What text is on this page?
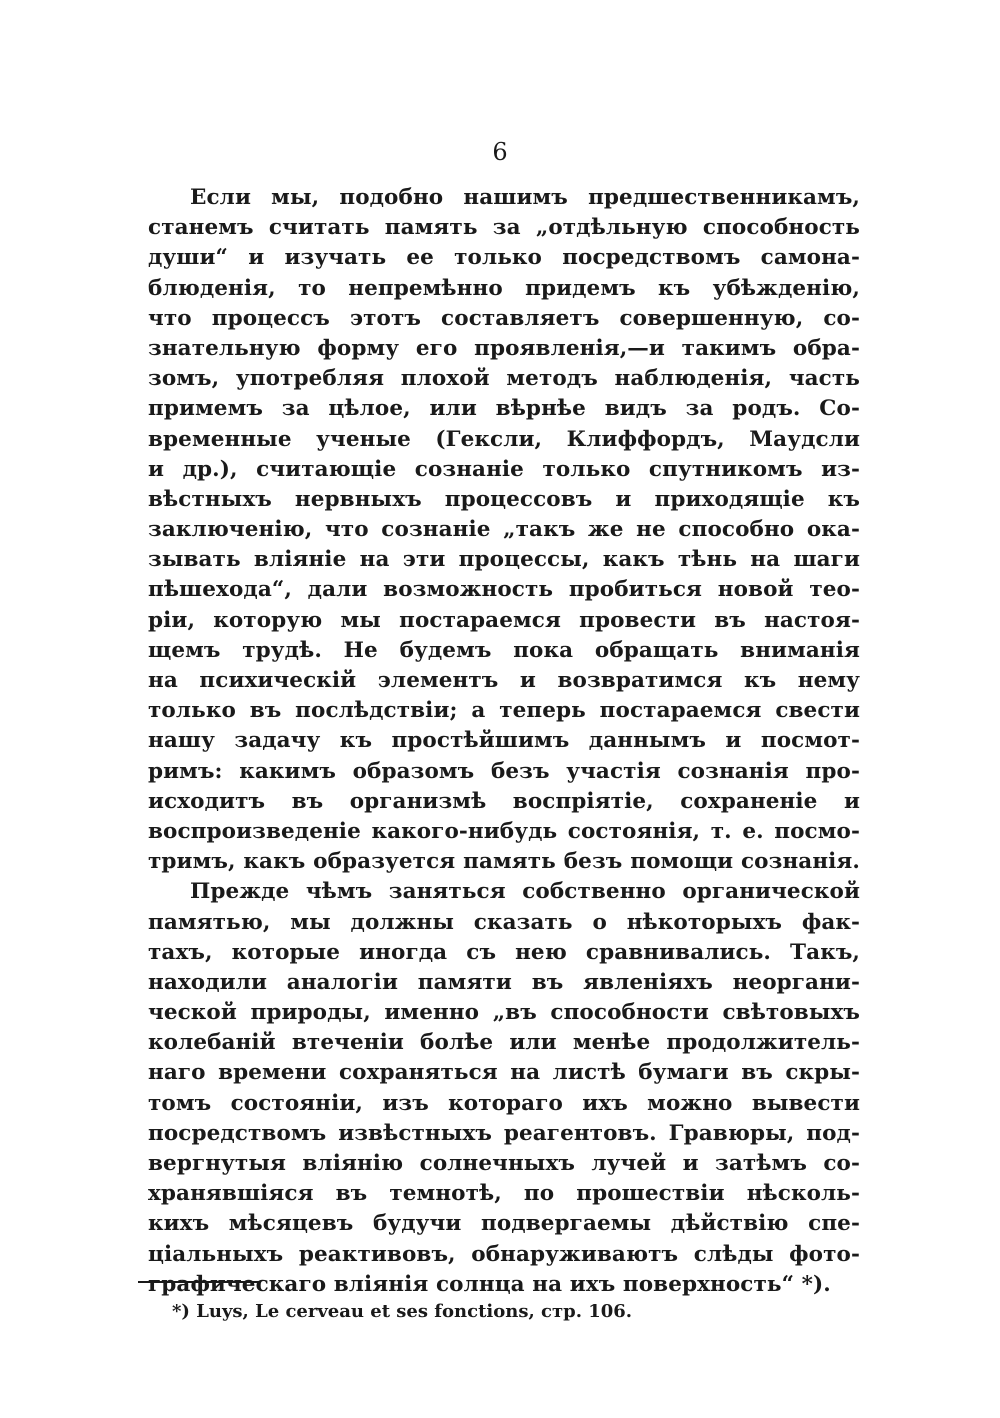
6
Если мы, подобно нашимъ предшественникамъ,
станемъ считать память за „отдѣльную способность
души“ и изучать ее только посредствомъ самона-
блюденія, то непремѣнно придемъ къ убѣжденію,
что процессъ этотъ составляетъ совершенную, со-
знательную форму его проявленія,—и такимъ обра-
зомъ, употребляя плохой методъ наблюденія, часть
примемъ за цѣлое, или вѣрнѣе видъ за родъ. Со-
временные ученые (Гексли, Клиффордъ, Маудсли
и др.), считающіе сознаніе только спутникомъ из-
вѣстныхъ нервныхъ процессовъ и приходящіе къ
заключенію, что сознаніе „такъ же не способно ока-
зывать вліяніе на эти процессы, какъ тѣнь на шаги
пѣшехода“, дали возможность пробиться новой тео-
ріи, которую мы постараемся провести въ настоя-
щемъ трудѣ. Не будемъ пока обращать вниманія
на психическій элементъ и возвратимся къ нему
только въ послѣдствіи; а теперь постараемся свести
нашу задачу къ простѣйшимъ даннымъ и посмот-
римъ: какимъ образомъ безъ участія сознанія про-
исходитъ въ организмѣ воспріятіе, сохраненіе и
воспроизведеніе какого-нибудь состоянія, т. е. посмо-
тримъ, какъ образуется память безъ помощи сознанія.
Прежде чѣмъ заняться собственно органической
памятью, мы должны сказать о нѣкоторыхъ фак-
тахъ, которые иногда съ нею сравнивались. Такъ,
находили аналогіи памяти въ явленіяхъ неоргани-
ческой природы, именно „въ способности свѣтовыхъ
колебаній втеченіи болѣе или менѣе продолжитель-
наго времени сохраняться на листѣ бумаги въ скры-
томъ состояніи, изъ котораго ихъ можно вывести
посредствомъ извѣстныхъ реагентовъ. Гравюры, под-
вергнутыя вліянію солнечныхъ лучей и затѣмъ со-
хранявшіяся въ темнотѣ, по прошествіи нѣсколь-
кихъ мѣсяцевъ будучи подвергаемы дѣйствію спе-
ціальныхъ реактивовъ, обнаруживаютъ слѣды фото-
графическаго вліянія солнца на ихъ поверхность“ *).
*) Luys, Le cerveau et ses fonctions, стр. 106.
